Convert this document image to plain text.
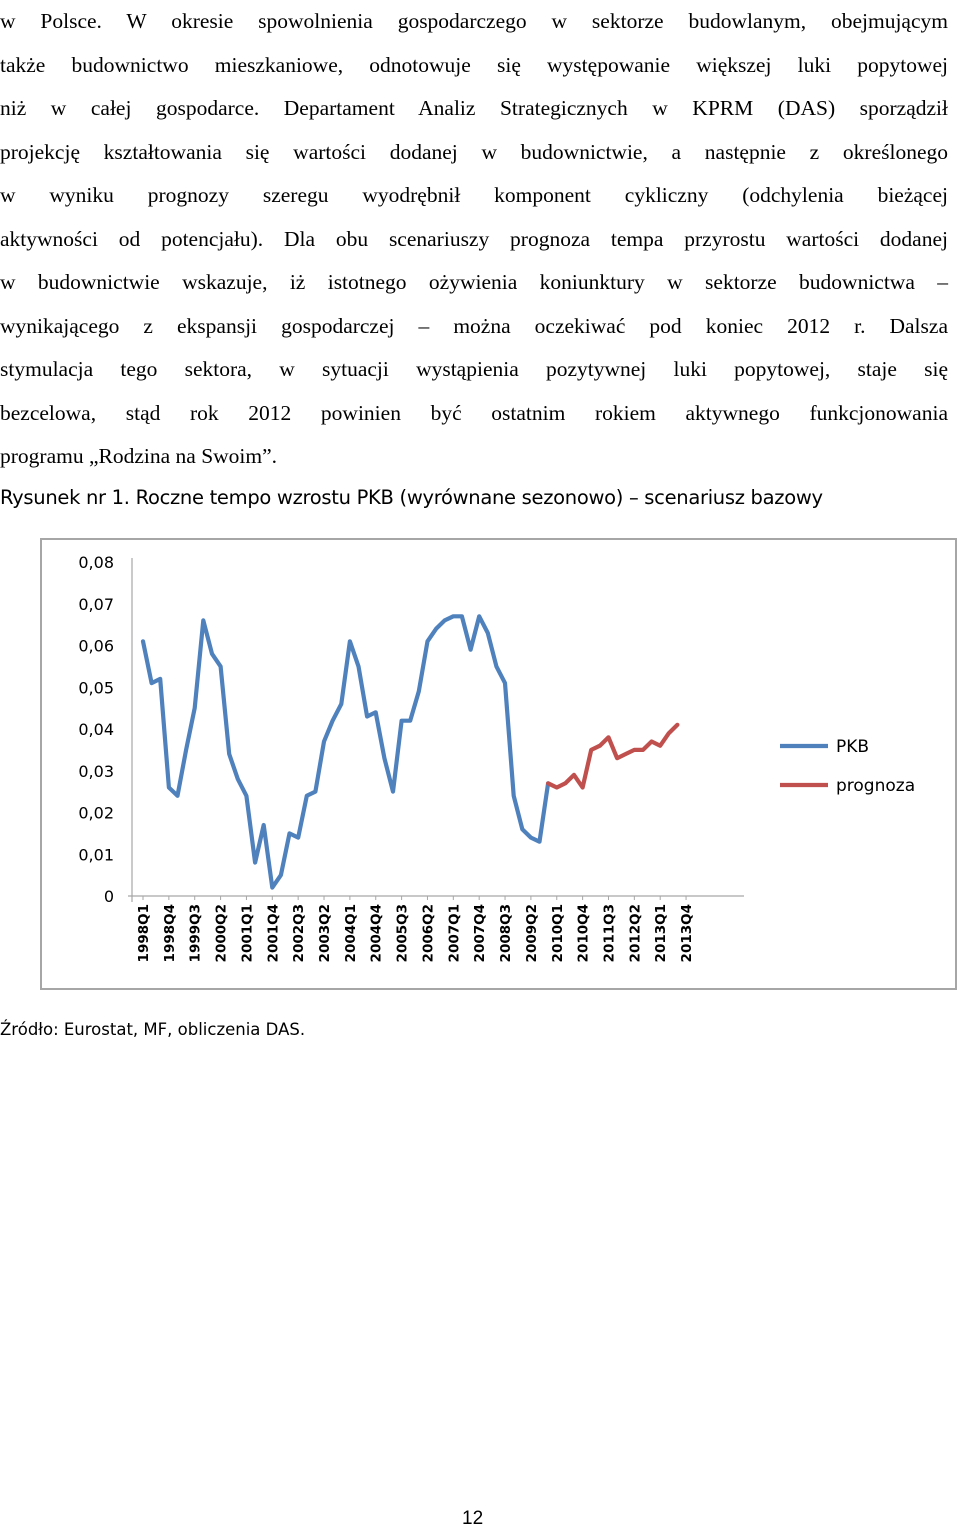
w Polsce. W okresie spowolnienia gospodarczego w sektorze budowlanym, obejmującym
także budownictwo mieszkaniowe, odnotowuje się występowanie większej luki popytowej
niż w całej gospodarce. Departament Analiz Strategicznych w KPRM (DAS) sporządził
projekcję kształtowania się wartości dodanej w budownictwie, a następnie z określonego
w wyniku prognozy szeregu wyodrębnił komponent cykliczny (odchylenia bieżącej
aktywności od potencjału). Dla obu scenariuszy prognoza tempa przyrostu wartości dodanej
w budownictwie wskazuje, iż istotnego ożywienia koniunktury w sektorze budownictwa –
wynikającego z ekspansji gospodarczej – można oczekiwać pod koniec 2012 r. Dalsza
stymulacja tego sektora, w sytuacji wystąpienia pozytywnej luki popytowej, staje się
bezcelowa, stąd rok 2012 powinien być ostatnim rokiem aktywnego funkcjonowania
programu „Rodzina na Swoim”.
Rysunek nr 1. Roczne tempo wzrostu PKB (wyrównane sezonowo) – scenariusz bazowy
0
0,01
0,02
0,03
0,04
0,05
0,06
0,07
0,08
1998Q1 1998Q4 1999Q3 2000Q2 2001Q1 2001Q4 2002Q3 2003Q2 2004Q1 2004Q4 2005Q3 2006Q2 2007Q1 2007Q4 2008Q3 2009Q2 2010Q1 2010Q4 2011Q3 2012Q2 2013Q1 2013Q4
PKB
prognoza
Źródło: Eurostat, MF, obliczenia DAS.
12
